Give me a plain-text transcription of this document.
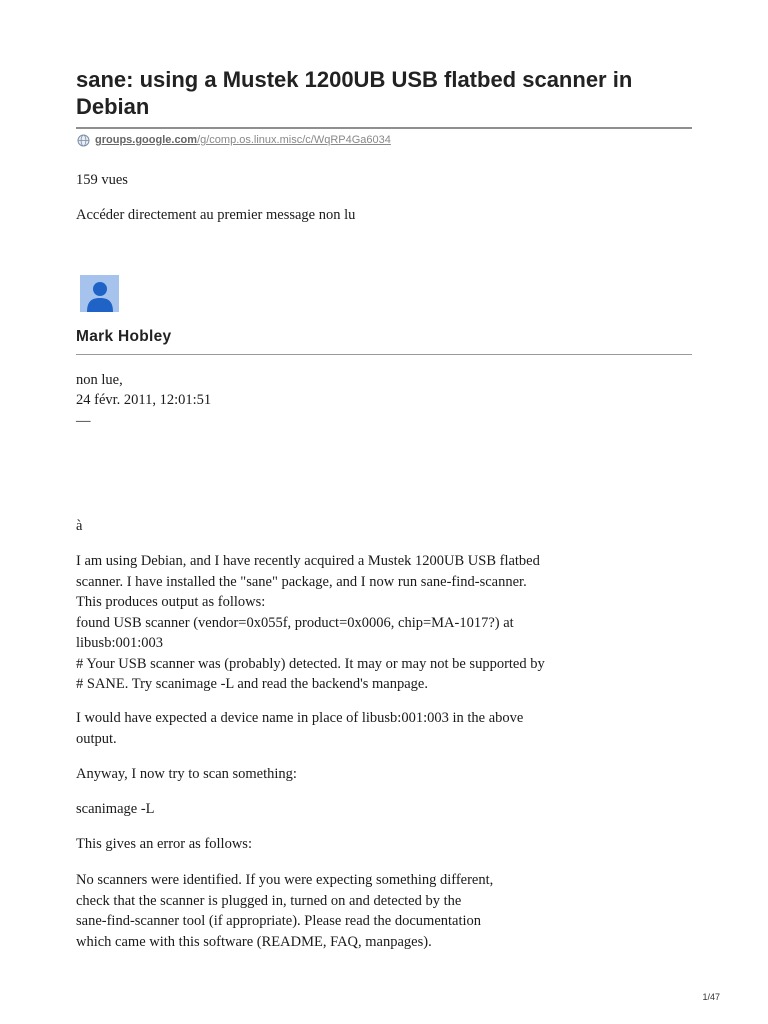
sane: using a Mustek 1200UB USB flatbed scanner in Debian
groups.google.com /g/comp.os.linux.misc/c/WqRP4Ga6034
159 vues
Accéder directement au premier message non lu
Mark Hobley
non lue,
24 févr. 2011, 12:01:51
—
à
I am using Debian, and I have recently acquired a Mustek 1200UB USB flatbed
scanner. I have installed the "sane" package, and I now run sane-find-scanner.
This produces output as follows:
found USB scanner (vendor=0x055f, product=0x0006, chip=MA-1017?) at
libusb:001:003
# Your USB scanner was (probably) detected. It may or may not be supported by
# SANE. Try scanimage -L and read the backend's manpage.
I would have expected a device name in place of libusb:001:003 in the above
output.
Anyway, I now try to scan something:
scanimage -L
This gives an error as follows:
No scanners were identified. If you were expecting something different,
check that the scanner is plugged in, turned on and detected by the
sane-find-scanner tool (if appropriate). Please read the documentation
which came with this software (README, FAQ, manpages).
1/47
